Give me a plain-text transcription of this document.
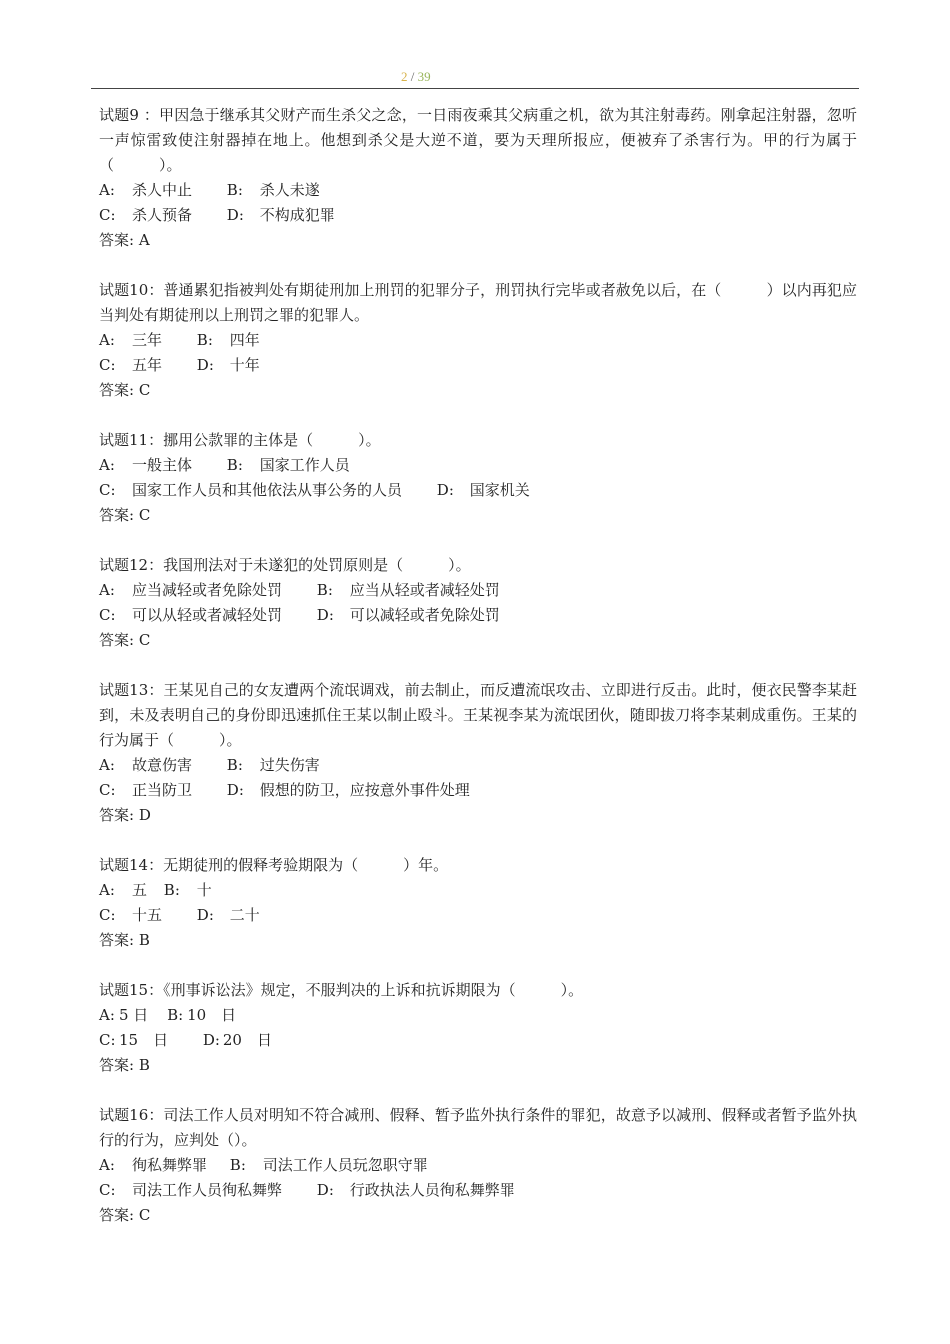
2 / 39
试题9 ：甲因急于继承其父财产而生杀父之念，一日雨夜乘其父病重之机，欲为其注射毒药。刚拿起注射器，忽听一声惊雷致使注射器掉在地上。他想到杀父是大逆不道，要为天理所报应，便被弃了杀害行为。甲的行为属于（　　　）。
A: 杀人中止 B: 杀人未遂
C: 杀人预备 D: 不构成犯罪
答案: A
试题10：普通累犯指被判处有期徒刑加上刑罚的犯罪分子，刑罚执行完毕或者赦免以后，在（　　　）以内再犯应当判处有期徒刑以上刑罚之罪的犯罪人。
A: 三年 B: 四年
C: 五年 D: 十年
答案: C
试题11：挪用公款罪的主体是（　　　）。
A: 一般主体 B: 国家工作人员
C: 国家工作人员和其他依法从事公务的人员 D: 国家机关
答案: C
试题12：我国刑法对于未遂犯的处罚原则是（　　　）。
A: 应当减轻或者免除处罚 B: 应当从轻或者减轻处罚
C: 可以从轻或者减轻处罚 D: 可以减轻或者免除处罚
答案: C
试题13：王某见自己的女友遭两个流氓调戏，前去制止，而反遭流氓攻击、立即进行反击。此时，便衣民警李某赶到，未及表明自己的身份即迅速抓住王某以制止殴斗。王某视李某为流氓团伙，随即拔刀将李某刺成重伤。王某的行为属于（　　　）。
A: 故意伤害 B: 过失伤害
C: 正当防卫 D: 假想的防卫，应按意外事件处理
答案: D
试题14：无期徒刑的假释考验期限为（　　　）年。
A: 五 B: 十
C: 十五 D: 二十
答案: B
试题15：《刑事诉讼法》规定，不服判决的上诉和抗诉期限为（　　　）。
A: 5 日 B: 10　日
C: 15　日 D: 20　日
答案: B
试题16：司法工作人员对明知不符合减刑、假释、暂予监外执行条件的罪犯，故意予以减刑、假释或者暂予监外执行的行为，应判处（）。
A: 徇私舞弊罪 B: 司法工作人员玩忽职守罪
C: 司法工作人员徇私舞弊 D: 行政执法人员徇私舞弊罪
答案: C
